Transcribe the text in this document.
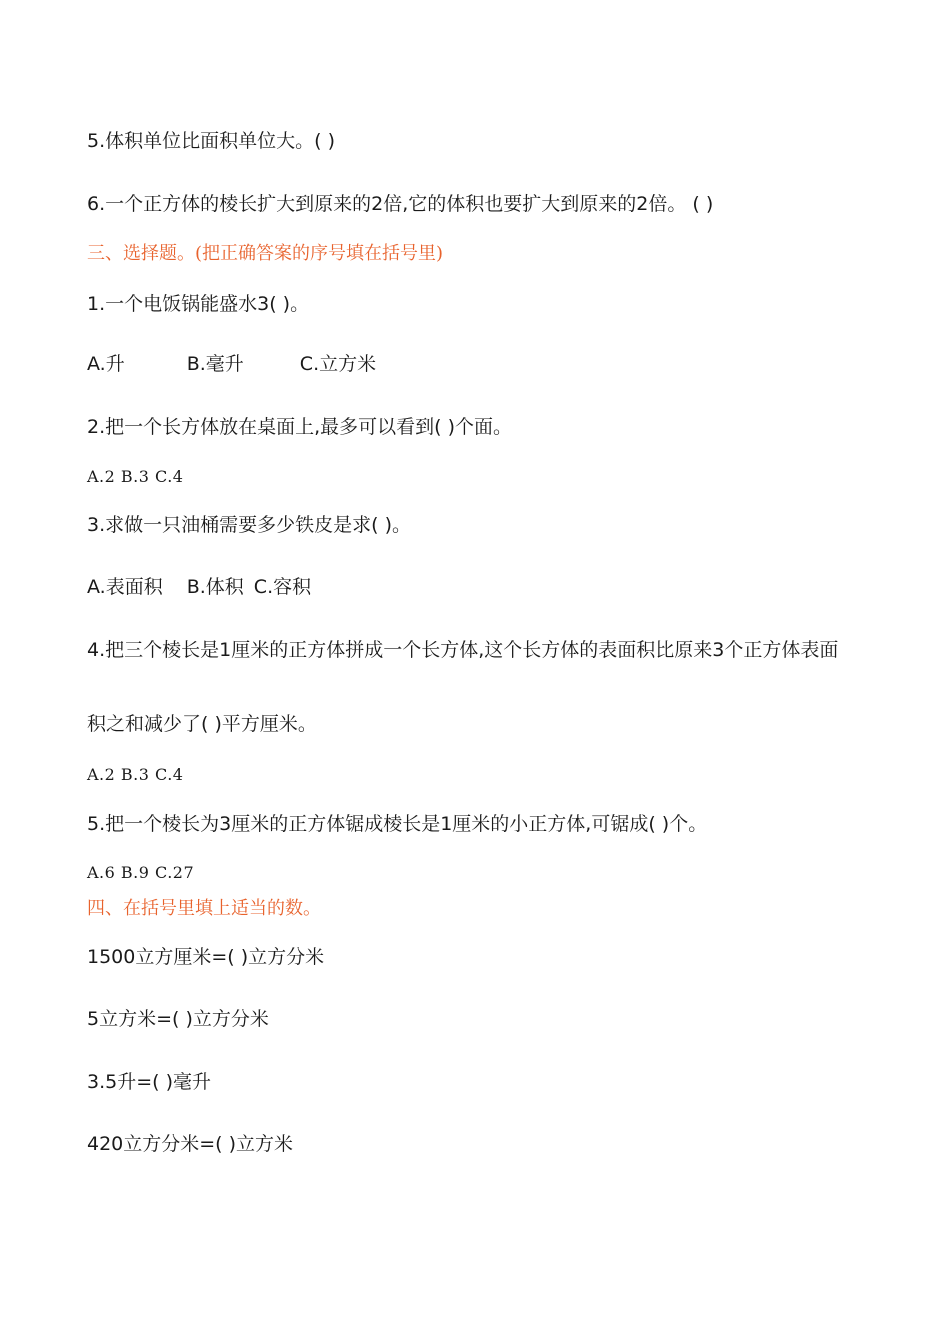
5.体积单位比面积单位大。( )
6.一个正方体的棱长扩大到原来的2倍,它的体积也要扩大到原来的2倍。 ( )
三、选择题。(把正确答案的序号填在括号里)
1.一个电饭锅能盛水3( )。
A.升	B.毫升	C.立方米
2.把一个长方体放在桌面上,最多可以看到( )个面。
A.2 B.3 C.4
3.求做一只油桶需要多少铁皮是求( )。
A.表面积 B.体积 C.容积
4.把三个棱长是1厘米的正方体拼成一个长方体,这个长方体的表面积比原来3个正方体表面
积之和减少了( )平方厘米。
A.2 B.3 C.4
5.把一个棱长为3厘米的正方体锯成棱长是1厘米的小正方体,可锯成( )个。
A.6 B.9 C.27
四、在括号里填上适当的数。
1500立方厘米=( )立方分米
5立方米=( )立方分米
3.5升=( )毫升
420立方分米=( )立方米
